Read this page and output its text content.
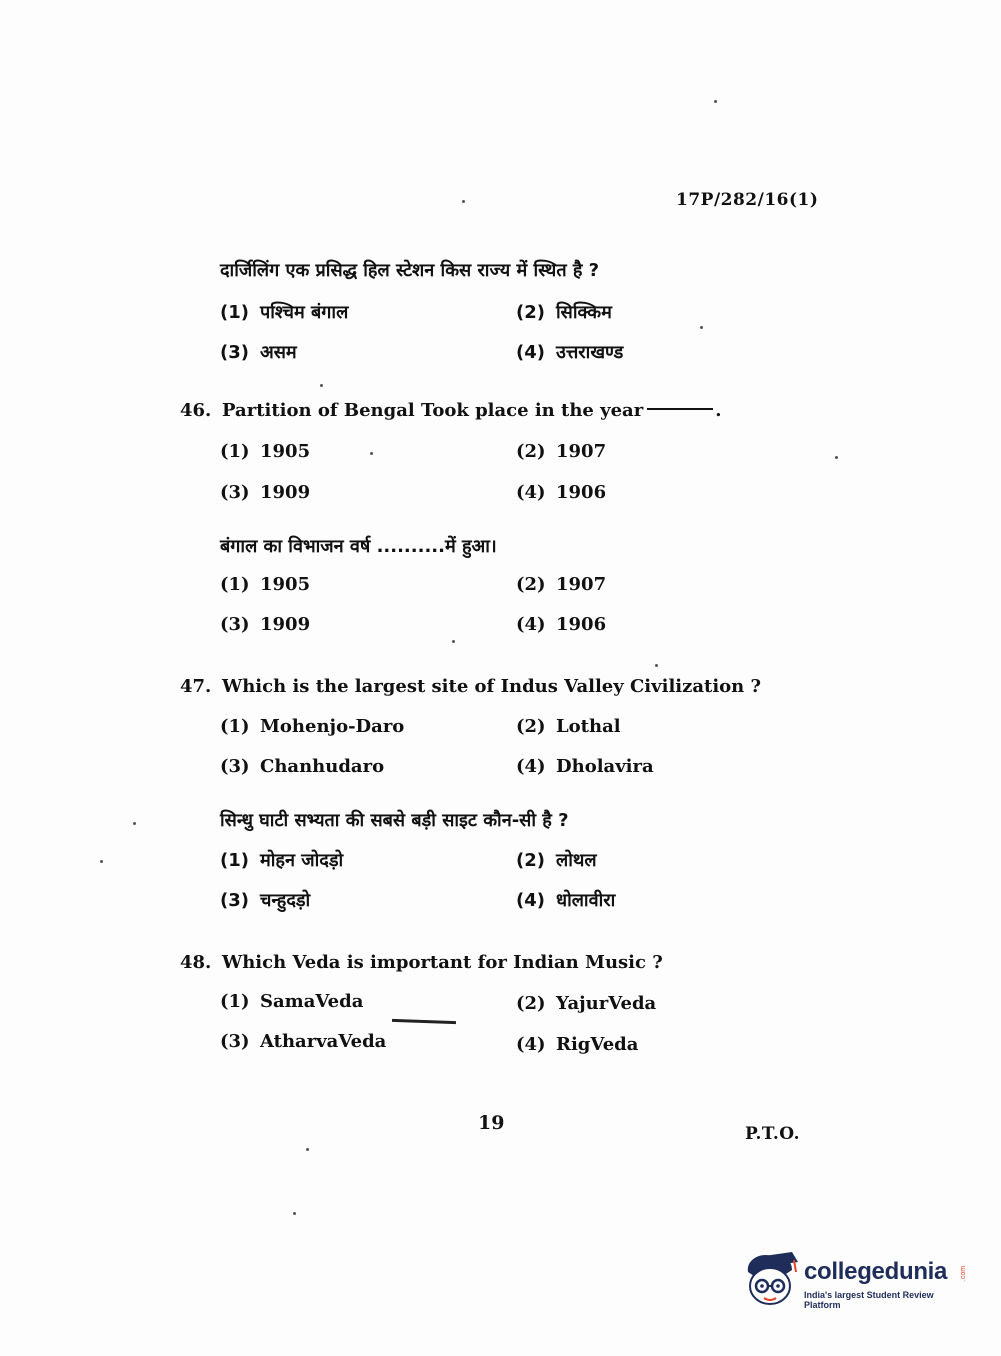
17P/282/16(1)
दार्जिलिंग एक प्रसिद्ध हिल स्टेशन किस राज्य में स्थित है ?
(1) पश्चिम बंगाल	(2) सिक्किम
(3) असम	(4) उत्तराखण्ड
46. Partition of Bengal Took place in the year	.
(1) 1905	(2) 1907
(3) 1909	(4) 1906
बंगाल का विभाजन वर्ष ..........में हुआ।
(1) 1905	(2) 1907
(3) 1909	(4) 1906
47. Which is the largest site of Indus Valley Civilization ?
(1) Mohenjo-Daro	(2) Lothal
(3) Chanhudaro	(4) Dholavira
सिन्धु घाटी सभ्यता की सबसे बड़ी साइट कौन-सी है ?
(1) मोहन जोदड़ो	(2) लोथल
(3) चन्हुदड़ो	(4) धोलावीरा
48. Which Veda is important for Indian Music ?
(1) SamaVeda	(2) YajurVeda
(3) AtharvaVeda	(4) RigVeda
19	P.T.O.
collegedunia .com
India's largest Student Review Platform
